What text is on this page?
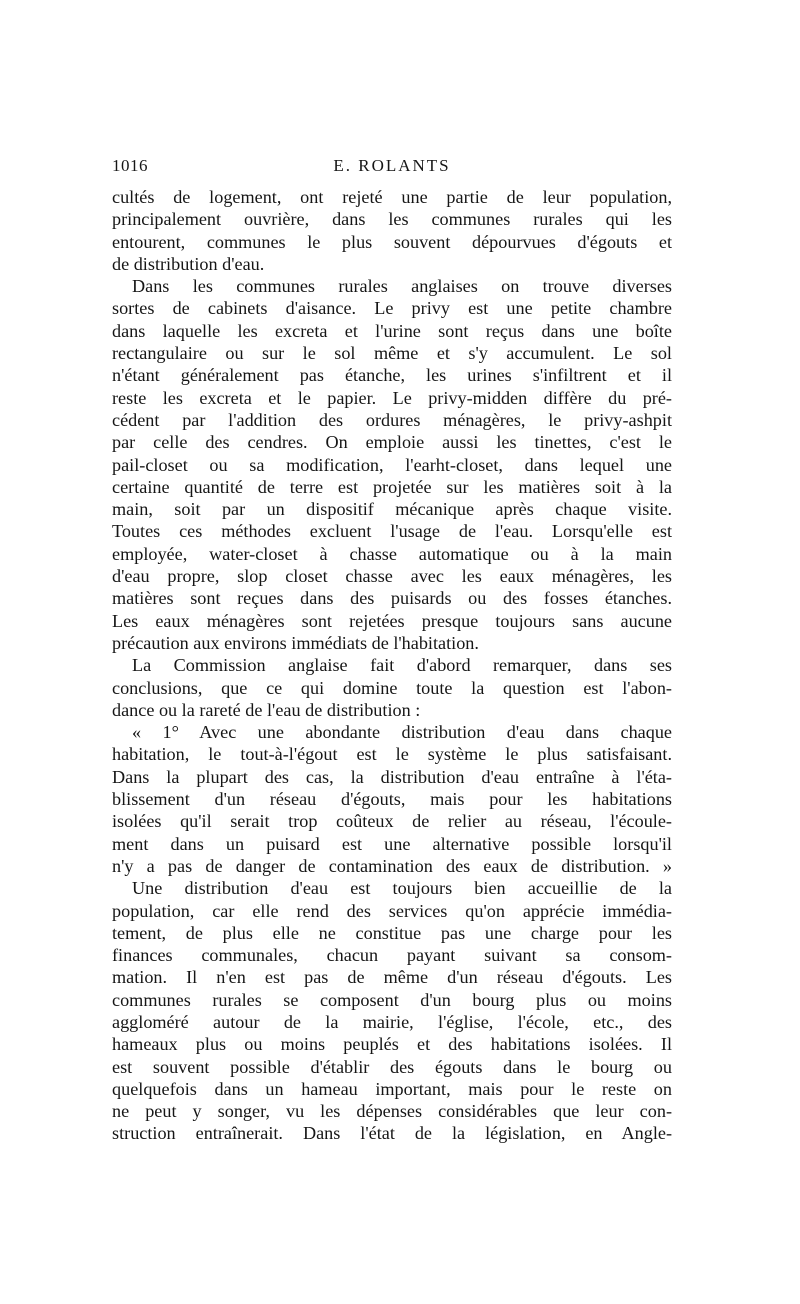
1016	E. ROLANTS
cultés de logement, ont rejeté une partie de leur population,
principalement ouvrière, dans les communes rurales qui les
entourent, communes le plus souvent dépourvues d'égouts et
de distribution d'eau.
Dans les communes rurales anglaises on trouve diverses
sortes de cabinets d'aisance. Le privy est une petite chambre
dans laquelle les excreta et l'urine sont reçus dans une boîte
rectangulaire ou sur le sol même et s'y accumulent. Le sol
n'étant généralement pas étanche, les urines s'infiltrent et il
reste les excreta et le papier. Le privy-midden diffère du pré-
cédent par l'addition des ordures ménagères, le privy-ashpit
par celle des cendres. On emploie aussi les tinettes, c'est le
pail-closet ou sa modification, l'earht-closet, dans lequel une
certaine quantité de terre est projetée sur les matières soit à la
main, soit par un dispositif mécanique après chaque visite.
Toutes ces méthodes excluent l'usage de l'eau. Lorsqu'elle est
employée, water-closet à chasse automatique ou à la main
d'eau propre, slop closet chasse avec les eaux ménagères, les
matières sont reçues dans des puisards ou des fosses étanches.
Les eaux ménagères sont rejetées presque toujours sans aucune
précaution aux environs immédiats de l'habitation.
La Commission anglaise fait d'abord remarquer, dans ses
conclusions, que ce qui domine toute la question est l'abon-
dance ou la rareté de l'eau de distribution :
« 1° Avec une abondante distribution d'eau dans chaque
habitation, le tout-à-l'égout est le système le plus satisfaisant.
Dans la plupart des cas, la distribution d'eau entraîne à l'éta-
blissement d'un réseau d'égouts, mais pour les habitations
isolées qu'il serait trop coûteux de relier au réseau, l'écoule-
ment dans un puisard est une alternative possible lorsqu'il
n'y a pas de danger de contamination des eaux de distribution. »
Une distribution d'eau est toujours bien accueillie de la
population, car elle rend des services qu'on apprécie immédia-
tement, de plus elle ne constitue pas une charge pour les
finances communales, chacun payant suivant sa consom-
mation. Il n'en est pas de même d'un réseau d'égouts. Les
communes rurales se composent d'un bourg plus ou moins
aggloméré autour de la mairie, l'église, l'école, etc., des
hameaux plus ou moins peuplés et des habitations isolées. Il
est souvent possible d'établir des égouts dans le bourg ou
quelquefois dans un hameau important, mais pour le reste on
ne peut y songer, vu les dépenses considérables que leur con-
struction entraînerait. Dans l'état de la législation, en Angle-
